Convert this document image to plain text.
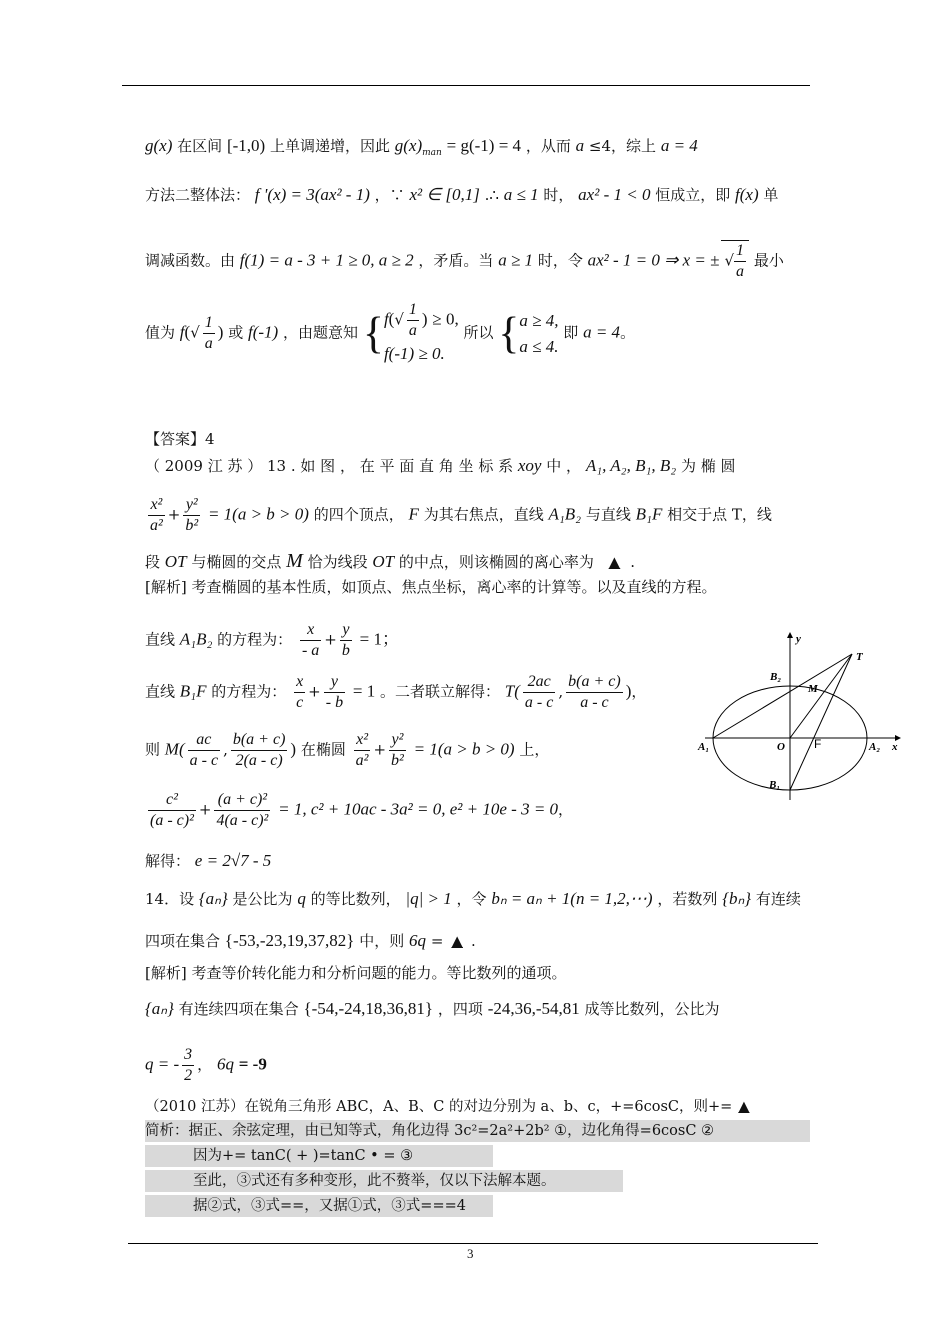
g(x) 在区间 [-1,0) 上单调递增，因此 $g(x)_{man} = g(-1) = 4$ ，从而 a ≤4，综上 a = 4
方法二整体法： f '(x) = 3(ax² - 1) ，∵ x² ∈ [0,1] .∴ a ≤ 1 时， ax² - 1 < 0 恒成立，即 f(x) 单
调减函数。由 f(1) = a - 3 + 1 ≥ 0, a ≥ 2 ，矛盾。当 a ≥ 1 时，令 ax² - 1 = 0 ⇒ x = ± √ $\frac{1}{a}$ 最小
值为 $f(√ \frac{1}{a}$ ) 或 f(-1) ，由题意知 { $f(√ \frac{1}{a}$ ) ≥ 0,
f(-1) ≥ 0.
所以 { a ≥ 4,
a ≤ 4.
即 a = 4。
【答案】4
（ 2009 江 苏 ） 13 . 如 图 ， 在 平 面 直 角 坐 标 系 xoy 中 ， A₁, A₂, B₁, B₂ 为 椭 圆
$\frac{\text{x²}}{\text{a²}} + \frac{\text{y²}}{\text{b²}} = 1(a > b > 0)$ 的四个顶点， F 为其右焦点，直线 A₁B₂ 与直线 B₁F 相交于点 T，线
段 OT 与椭圆的交点 M 恰为线段 OT 的中点，则该椭圆的离心率为 ▲ .
[解析] 考查椭圆的基本性质，如顶点、焦点坐标，离心率的计算等。以及直线的方程。
直线 A₁B₂ 的方程为： $\frac{x}{- a} + \frac{y}{b} = 1$；
直线 B₁F 的方程为： $\frac{x}{c} + \frac{y}{- b} = 1$ 。二者联立解得： $T( \frac{2ac}{a - c}$ , $\frac{b(a + c)}{a - c}$ )，
则 $M( \frac{ac}{a - c}$ , $\frac{b(a + c)}{2(a - c)}$ ) 在椭圆 $\frac{\text{x²}}{\text{a²}} + \frac{\text{y²}}{\text{b²}} = 1(a > b > 0)$ 上，
$\frac{\text{c²}}{\text{(a - c)²}} + \frac{\text{(a + c)²}}{\text{4(a - c)²}} = 1$, c² + 10ac - 3a² = 0, e² + 10e - 3 = 0，
解得： e = 2√7 - 5
y
T
B₂
M
A₁	O F	A₂ x
B₁
14．设 {aₙ} 是公比为 q 的等比数列， |q| > 1 ，令 bₙ = aₙ + 1(n = 1,2,⋯) ，若数列 {bₙ} 有连续
四项在集合 {-53,-23,19,37,82} 中，则 6q = ▲ .
[解析] 考查等价转化能力和分析问题的能力。等比数列的通项。
{aₙ} 有连续四项在集合 {-54,-24,18,36,81} ，四项 -24,36,-54,81 成等比数列，公比为
q = - $\frac{3}{2}$ ， 6q = -9
（2010 江苏）在锐角三角形 ABC，A、B、C 的对边分别为 a、b、c，+=6cosC，则+= ▲
简析：据正、余弦定理，由已知等式，角化边得 3c²=2a²+2b² ①，边化角得=6cosC ②
因为+= tanC( + )=tanC • = ③
至此，③式还有多种变形，此不赘举，仅以下法解本题。
据②式，③式==，又据①式，③式===4
3
